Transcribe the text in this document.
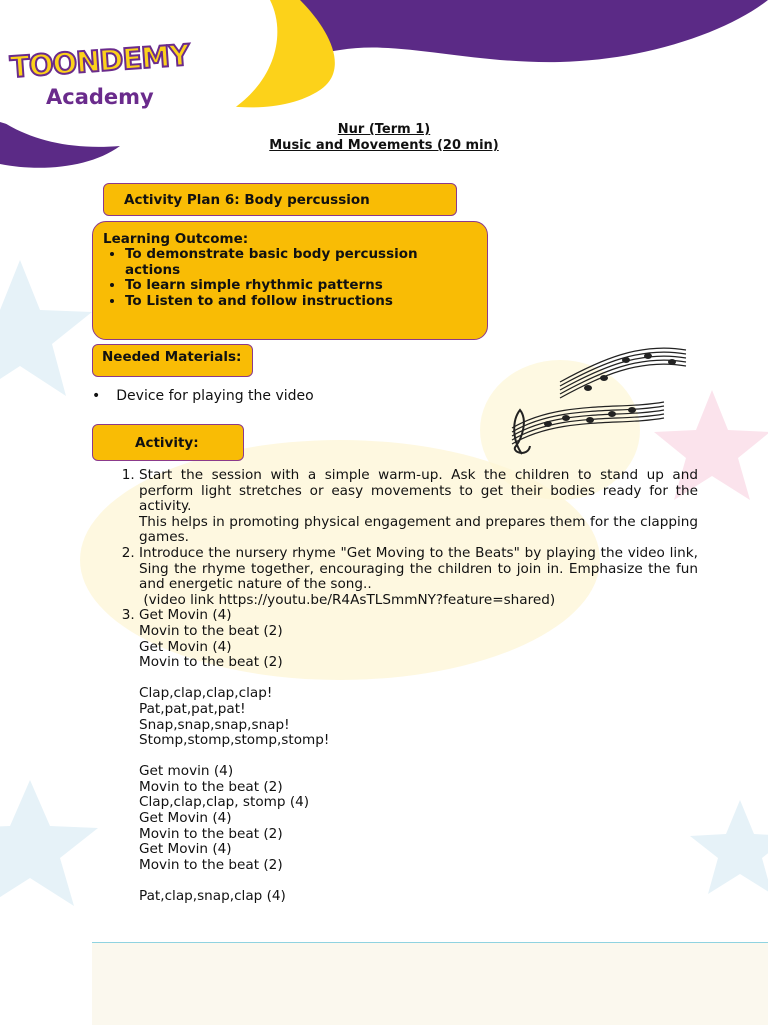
TOONDEMY
Academy
Nur (Term 1)
Music and Movements (20 min)
Activity Plan 6: Body percussion
Learning Outcome:
• To demonstrate basic body percussion actions
• To learn simple rhythmic patterns
• To Listen to and follow instructions
Needed Materials:
• Device for playing the video
Activity:
1. Start the session with a simple warm-up. Ask the children to stand up and perform light stretches or easy movements to get their bodies ready for the activity.
This helps in promoting physical engagement and prepares them for the clapping games.
2. Introduce the nursery rhyme "Get Moving to the Beats" by playing the video link, Sing the rhyme together, encouraging the children to join in. Emphasize the fun and energetic nature of the song..
(video link https://youtu.be/R4AsTLSmmNY?feature=shared)
3. Get Movin (4)
Movin to the beat (2)
Get Movin (4)
Movin to the beat (2)

Clap,clap,clap,clap!
Pat,pat,pat,pat!
Snap,snap,snap,snap!
Stomp,stomp,stomp,stomp!

Get movin (4)
Movin to the beat (2)
Clap,clap,clap, stomp (4)
Get Movin (4)
Movin to the beat (2)
Get Movin (4)
Movin to the beat (2)

Pat,clap,snap,clap (4)
